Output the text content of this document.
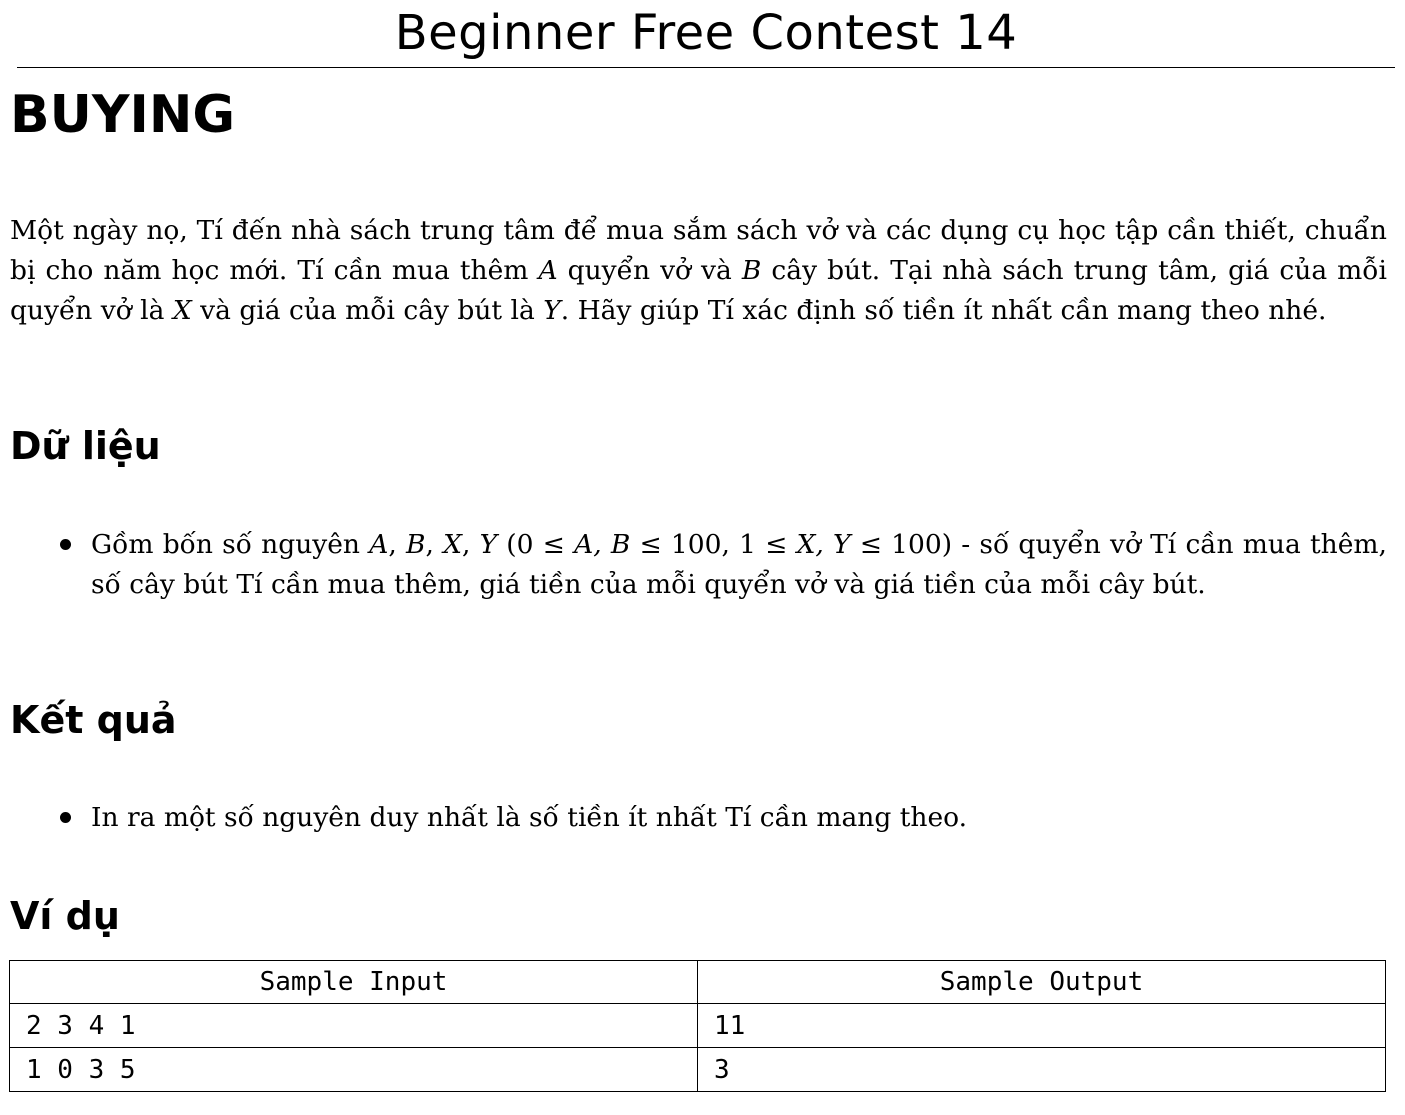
Beginner Free Contest 14
BUYING

Một ngày nọ, Tí đến nhà sách trung tâm để mua sắm sách vở và các dụng cụ học tập cần thiết, chuẩn bị cho năm học mới. Tí cần mua thêm A quyển vở và B cây bút. Tại nhà sách trung tâm, giá của mỗi quyển vở là X và giá của mỗi cây bút là Y. Hãy giúp Tí xác định số tiền ít nhất cần mang theo nhé.

Dữ liệu
Gồm bốn số nguyên A, B, X, Y (0 ≤ A, B ≤ 100, 1 ≤ X, Y ≤ 100) - số quyển vở Tí cần mua thêm, số cây bút Tí cần mua thêm, giá tiền của mỗi quyển vở và giá tiền của mỗi cây bút.
Kết quả
In ra một số nguyên duy nhất là số tiền ít nhất Tí cần mang theo.
Ví dụ
Sample Input	Sample Output
2 3 4 1	11
1 0 3 5	3
